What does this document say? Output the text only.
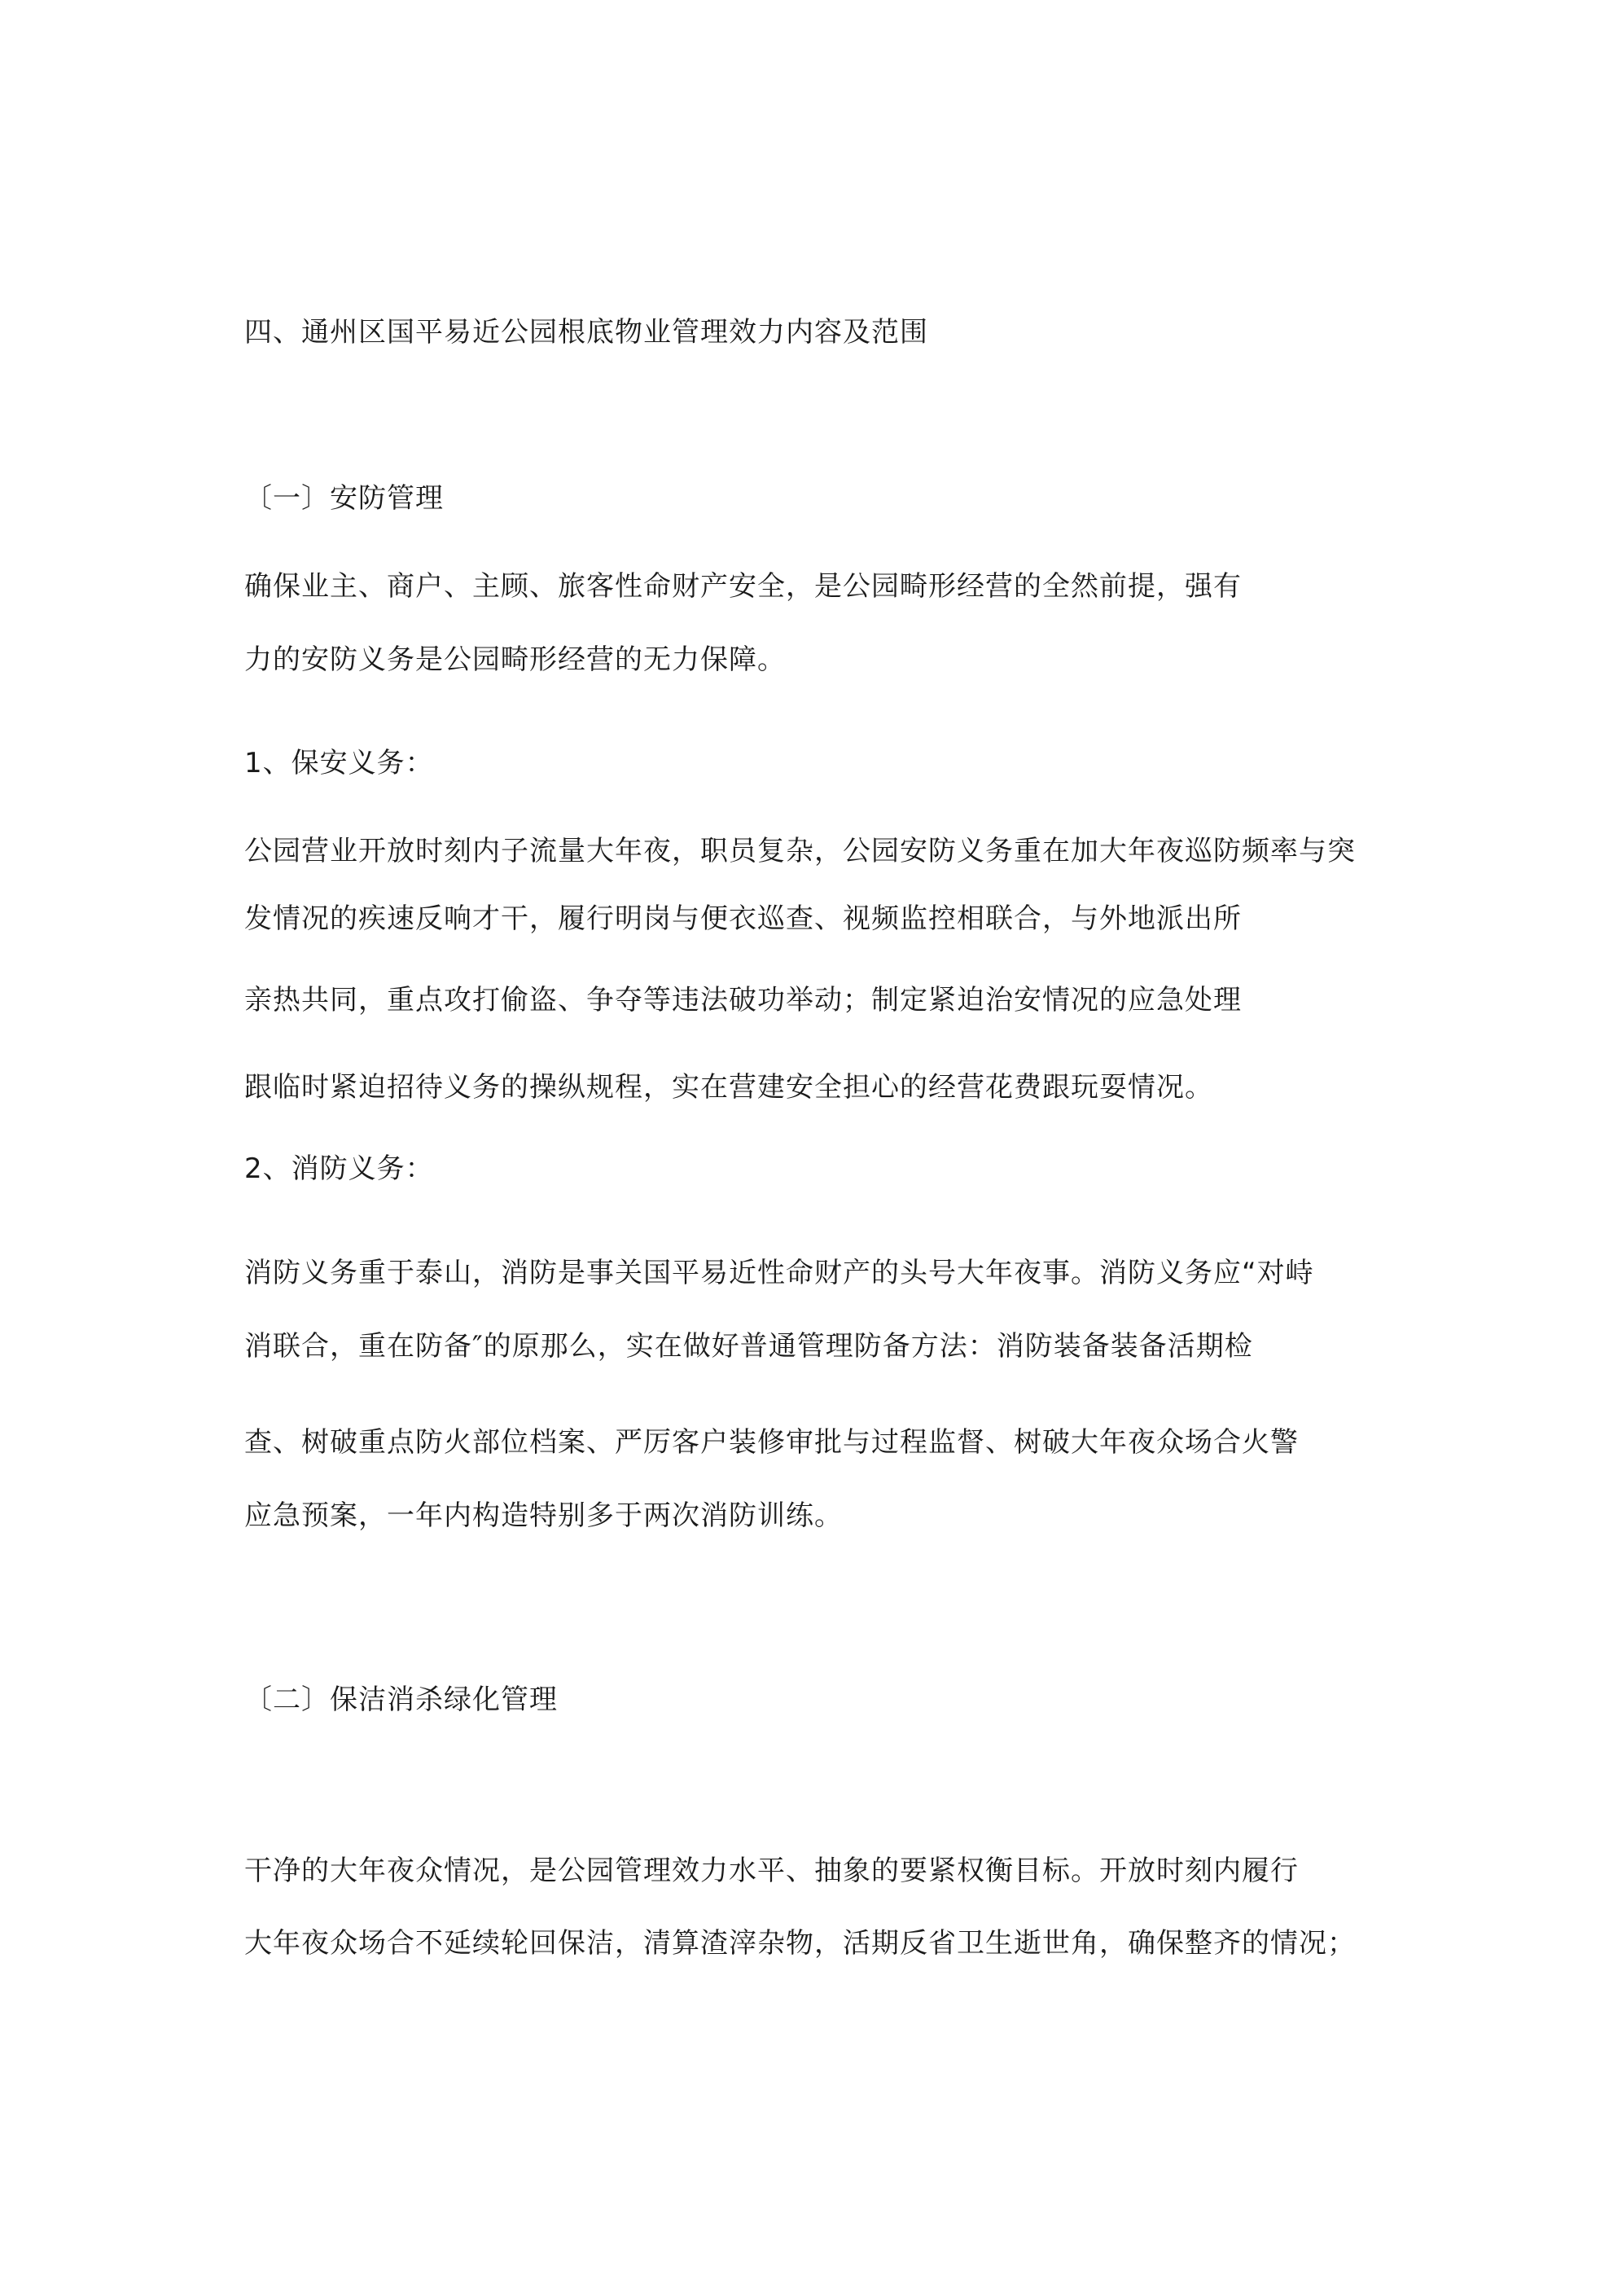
四、通州区国平易近公园根底物业管理效力内容及范围
〔一〕安防管理
确保业主、商户、主顾、旅客性命财产安全，是公园畸形经营的全然前提，强有
力的安防义务是公园畸形经营的无力保障。
1、保安义务：
公园营业开放时刻内子流量大年夜，职员复杂，公园安防义务重在加大年夜巡防频率与突
发情况的疾速反响才干，履行明岗与便衣巡查、视频监控相联合，与外地派出所
亲热共同，重点攻打偷盗、争夺等违法破功举动；制定紧迫治安情况的应急处理
跟临时紧迫招待义务的操纵规程，实在营建安全担心的经营花费跟玩耍情况。
2、消防义务：
消防义务重于泰山，消防是事关国平易近性命财产的头号大年夜事。消防义务应“对峙
消联合，重在防备″的原那么，实在做好普通管理防备方法：消防装备装备活期检
查、树破重点防火部位档案、严厉客户装修审批与过程监督、树破大年夜众场合火警
应急预案，一年内构造特别多于两次消防训练。
〔二〕保洁消杀绿化管理
干净的大年夜众情况，是公园管理效力水平、抽象的要紧权衡目标。开放时刻内履行
大年夜众场合不延续轮回保洁，清算渣滓杂物，活期反省卫生逝世角，确保整齐的情况；
